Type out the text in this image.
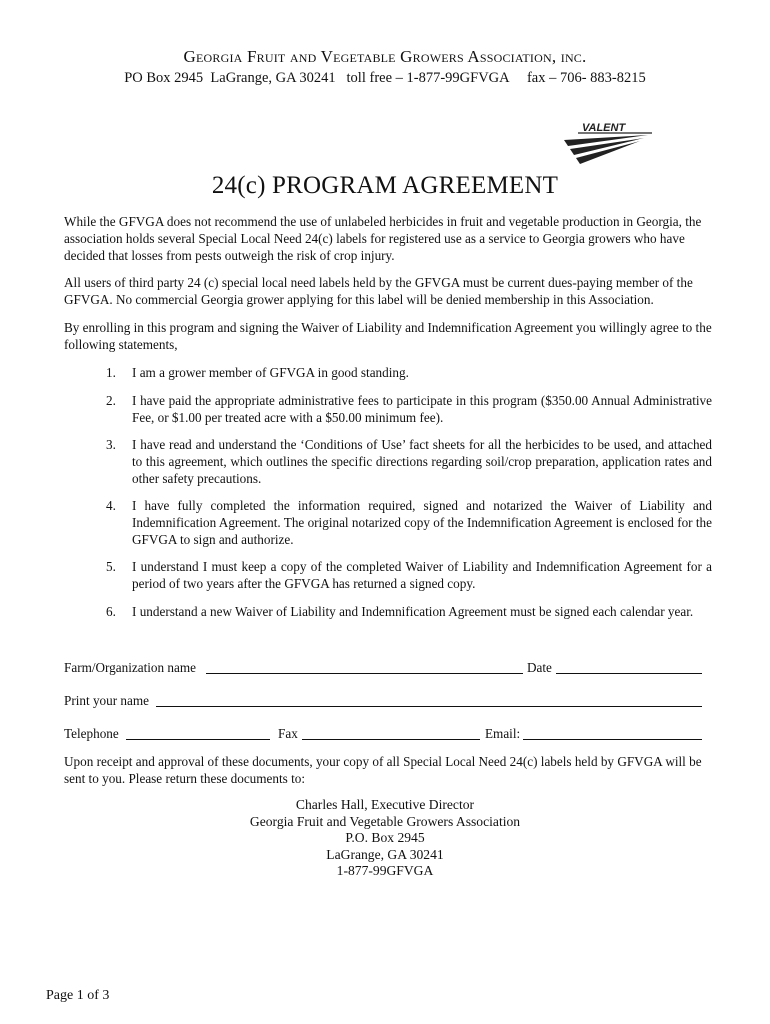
Georgia Fruit and Vegetable Growers Association, inc.
PO Box 2945  LaGrange, GA 30241   toll free – 1-877-99GFVGA     fax – 706- 883-8215
VALENT
24(c) PROGRAM AGREEMENT

While the GFVGA does not recommend the use of unlabeled herbicides in fruit and vegetable production in Georgia, the association holds several Special Local Need 24(c) labels for registered use as a service to Georgia growers who have decided that losses from pests outweigh the risk of crop injury.

All users of third party 24 (c) special local need labels held by the GFVGA must be current dues-paying member of the GFVGA. No commercial Georgia grower applying for this label will be denied membership in this Association.

By enrolling in this program and signing the Waiver of Liability and Indemnification Agreement you willingly agree to the following statements,

1.	I am a grower member of GFVGA in good standing.
2.	I have paid the appropriate administrative fees to participate in this program ($350.00 Annual Administrative Fee, or $1.00 per treated acre with a $50.00 minimum fee).
3.	I have read and understand the ‘Conditions of Use’ fact sheets for all the herbicides to be used, and attached to this agreement, which outlines the specific directions regarding soil/crop preparation, application rates and other safety precautions.
4.	I have fully completed the information required, signed and notarized the Waiver of Liability and Indemnification Agreement. The original notarized copy of the Indemnification Agreement is enclosed for the GFVGA to sign and authorize.
5.	I understand I must keep a copy of the completed Waiver of Liability and Indemnification Agreement for a period of two years after the GFVGA has returned a signed copy.
6.	I understand a new Waiver of Liability and Indemnification Agreement must be signed each calendar year.
Farm/Organization name	Date
Print your name
Telephone	Fax	Email:

Upon receipt and approval of these documents, your copy of all Special Local Need 24(c) labels held by GFVGA will be sent to you. Please return these documents to:

Charles Hall, Executive Director
Georgia Fruit and Vegetable Growers Association
P.O. Box 2945
LaGrange, GA 30241
1-877-99GFVGA
Page 1 of 3
